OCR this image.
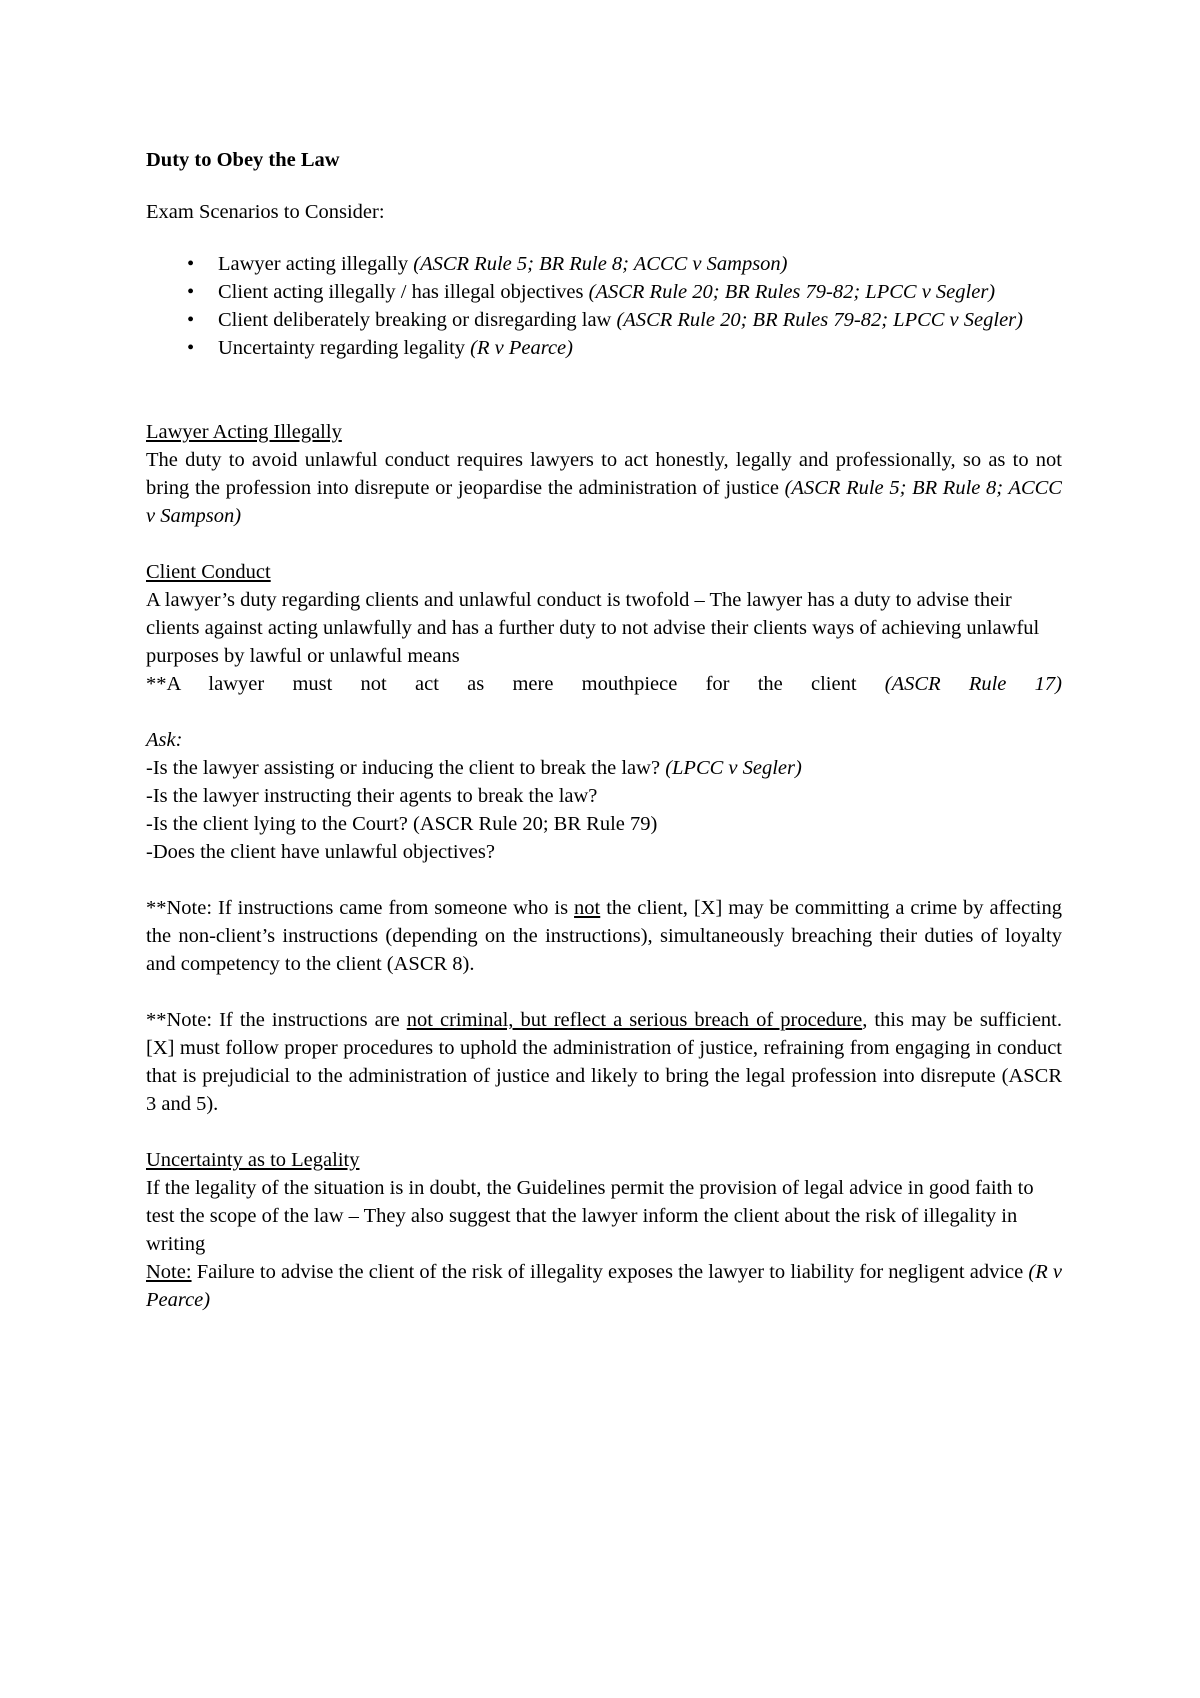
Duty to Obey the Law

Exam Scenarios to Consider:

• Lawyer acting illegally (ASCR Rule 5; BR Rule 8; ACCC v Sampson)
• Client acting illegally / has illegal objectives (ASCR Rule 20; BR Rules 79-82; LPCC v Segler)
• Client deliberately breaking or disregarding law (ASCR Rule 20; BR Rules 79-82; LPCC v Segler)
• Uncertainty regarding legality (R v Pearce)

Lawyer Acting Illegally

The duty to avoid unlawful conduct requires lawyers to act honestly, legally and professionally, so as to not bring the profession into disrepute or jeopardise the administration of justice (ASCR Rule 5; BR Rule 8; ACCC v Sampson)

Client Conduct

A lawyer’s duty regarding clients and unlawful conduct is twofold – The lawyer has a duty to advise their clients against acting unlawfully and has a further duty to not advise their clients ways of achieving unlawful purposes by lawful or unlawful means

**A lawyer must not act as mere mouthpiece for the client (ASCR Rule 17)

Ask:

-Is the lawyer assisting or inducing the client to break the law? (LPCC v Segler)

-Is the lawyer instructing their agents to break the law?

-Is the client lying to the Court? (ASCR Rule 20; BR Rule 79)

-Does the client have unlawful objectives?

**Note: If instructions came from someone who is not the client, [X] may be committing a crime by affecting the non-client’s instructions (depending on the instructions), simultaneously breaching their duties of loyalty and competency to the client (ASCR 8).

**Note: If the instructions are not criminal, but reflect a serious breach of procedure, this may be sufficient. [X] must follow proper procedures to uphold the administration of justice, refraining from engaging in conduct that is prejudicial to the administration of justice and likely to bring the legal profession into disrepute (ASCR 3 and 5).

Uncertainty as to Legality

If the legality of the situation is in doubt, the Guidelines permit the provision of legal advice in good faith to test the scope of the law – They also suggest that the lawyer inform the client about the risk of illegality in writing

Note: Failure to advise the client of the risk of illegality exposes the lawyer to liability for negligent advice (R v Pearce)
